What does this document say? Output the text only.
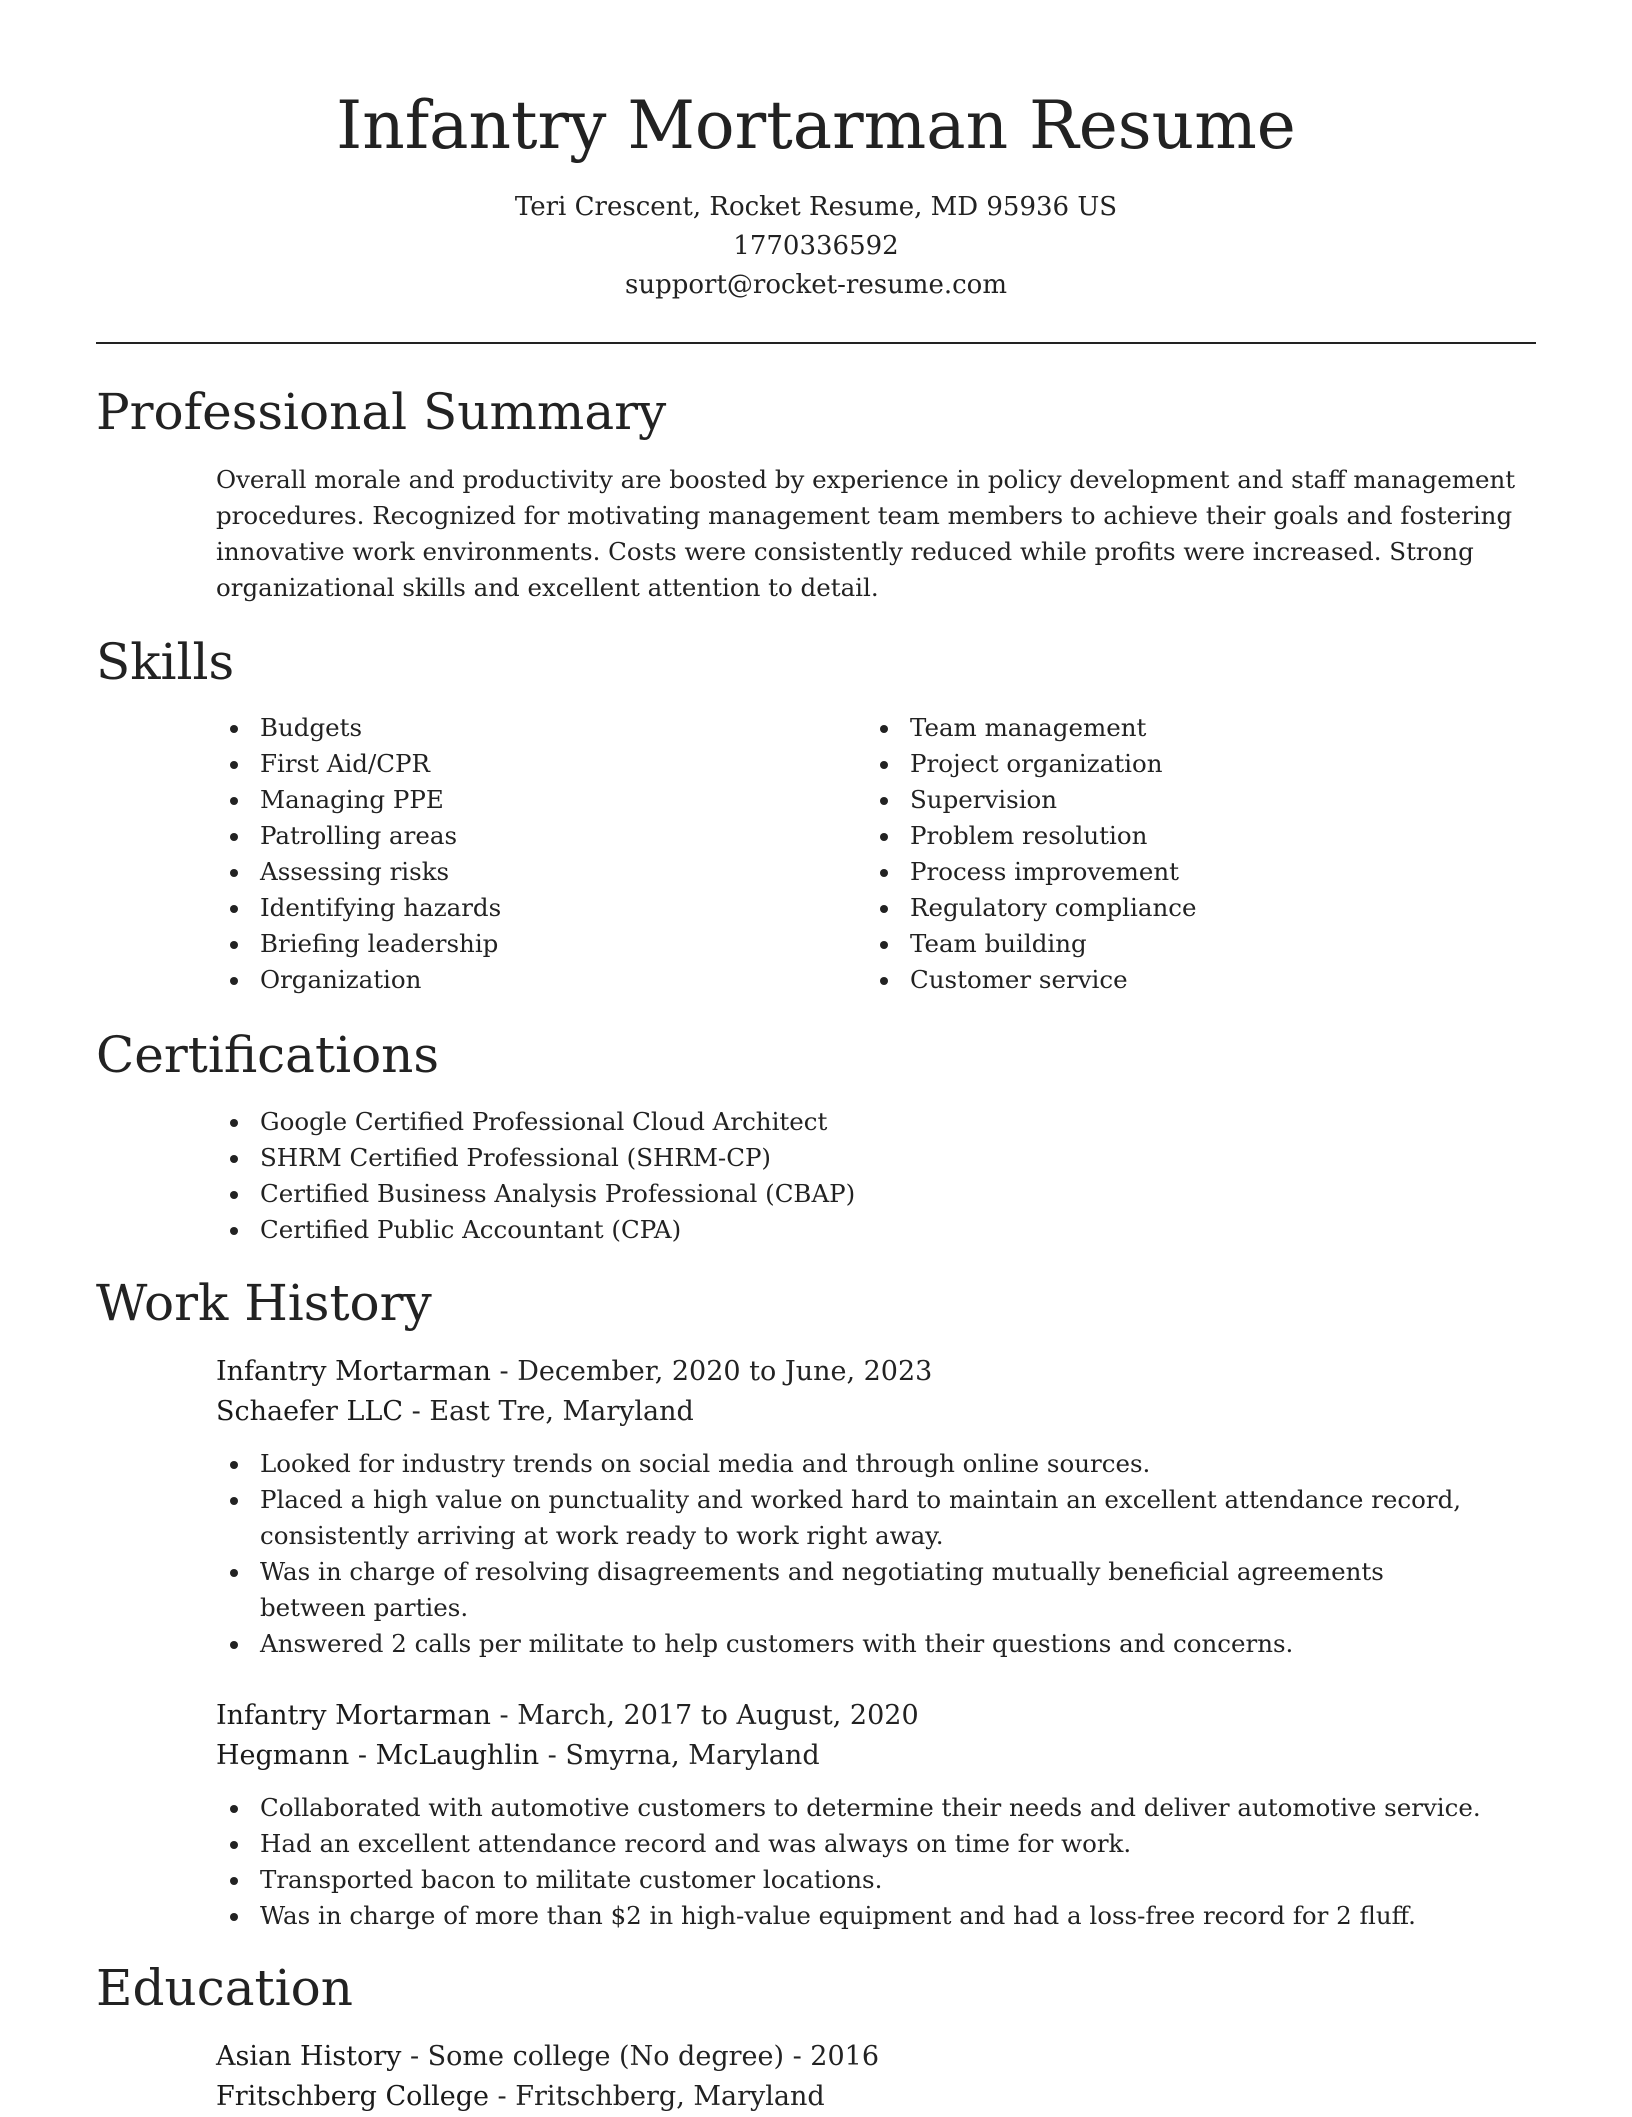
Infantry Mortarman Resume

Teri Crescent, Rocket Resume, MD 95936 US

1770336592

support@rocket-resume.com

Professional Summary

Overall morale and productivity are boosted by experience in policy development and staff management procedures. Recognized for motivating management team members to achieve their goals and fostering innovative work environments. Costs were consistently reduced while profits were increased. Strong organizational skills and excellent attention to detail.

Skills
Budgets
First Aid/CPR
Managing PPE
Patrolling areas
Assessing risks
Identifying hazards
Briefing leadership
Organization
Team management
Project organization
Supervision
Problem resolution
Process improvement
Regulatory compliance
Team building
Customer service
Certifications
Google Certified Professional Cloud Architect
SHRM Certified Professional (SHRM-CP)
Certified Business Analysis Professional (CBAP)
Certified Public Accountant (CPA)
Work History

Infantry Mortarman - December, 2020 to June, 2023

Schaefer LLC - East Tre, Maryland

Looked for industry trends on social media and through online sources.
Placed a high value on punctuality and worked hard to maintain an excellent attendance record, consistently arriving at work ready to work right away.
Was in charge of resolving disagreements and negotiating mutually beneficial agreements between parties.
Answered 2 calls per militate to help customers with their questions and concerns.

Infantry Mortarman - March, 2017 to August, 2020

Hegmann - McLaughlin - Smyrna, Maryland

Collaborated with automotive customers to determine their needs and deliver automotive service.
Had an excellent attendance record and was always on time for work.
Transported bacon to militate customer locations.
Was in charge of more than $2 in high-value equipment and had a loss-free record for 2 fluff.
Education

Asian History - Some college (No degree) - 2016

Fritschberg College - Fritschberg, Maryland
